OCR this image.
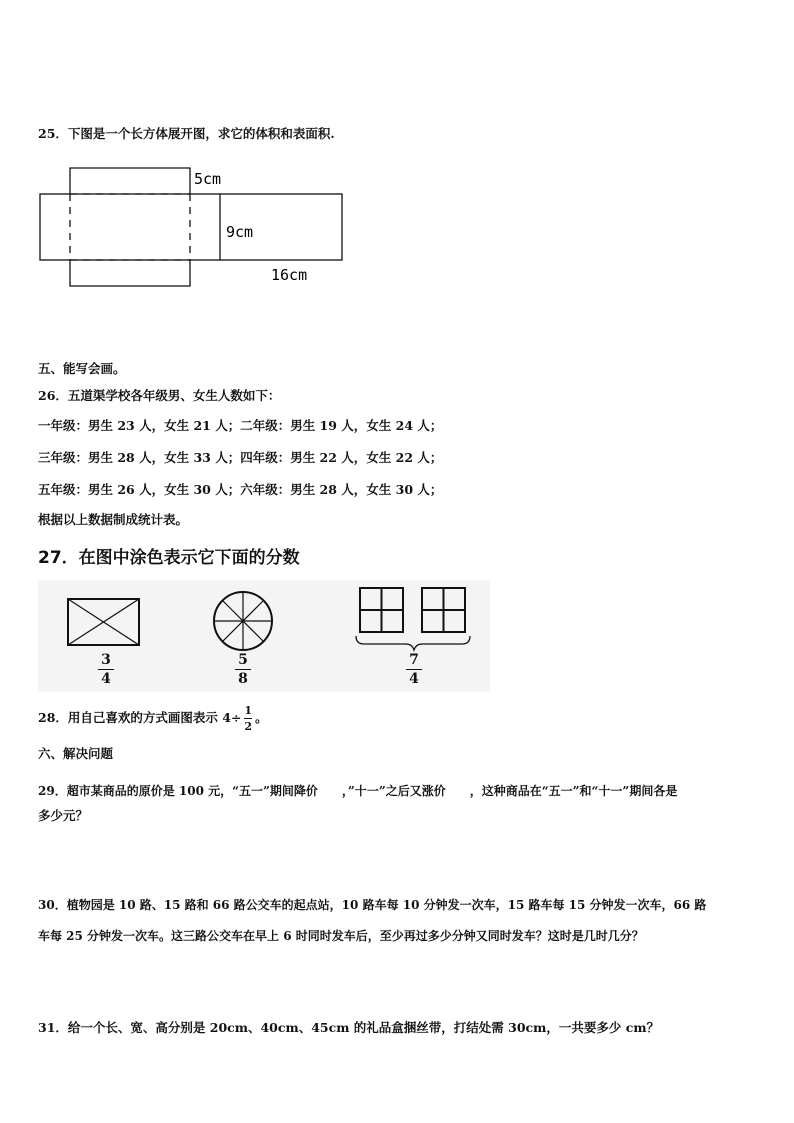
25．下图是一个长方体展开图，求它的体积和表面积.
5cm
9cm
16cm
五、能写会画。
26．五道渠学校各年级男、女生人数如下：
一年级：男生 23 人，女生 21 人；二年级：男生 19 人，女生 24 人；
三年级：男生 28 人，女生 33 人；四年级：男生 22 人，女生 22 人；
五年级：男生 26 人，女生 30 人；六年级：男生 28 人，女生 30 人；
根据以上数据制成统计表。
27．在图中涂色表示它下面的分数
3
4
5
8
7
4
28．用自己喜欢的方式画图表示 $4\div \frac{1}{2}$ 。
六、解决问题
29．超市某商品的原价是 100 元，“五一”期间降价　　，”十一”之后又涨价　　，这种商品在“五一”和“十一”期间各是
多少元？
30．植物园是 10 路、15 路和 66 路公交车的起点站，10 路车每 10 分钟发一次车，15 路车每 15 分钟发一次车，66 路
车每 25 分钟发一次车。这三路公交车在早上 6 时同时发车后，至少再过多少分钟又同时发车？这时是几时几分？
31．给一个长、宽、高分别是 20cm、40cm、45cm 的礼品盒捆丝带，打结处需 30cm，一共要多少 cm？
